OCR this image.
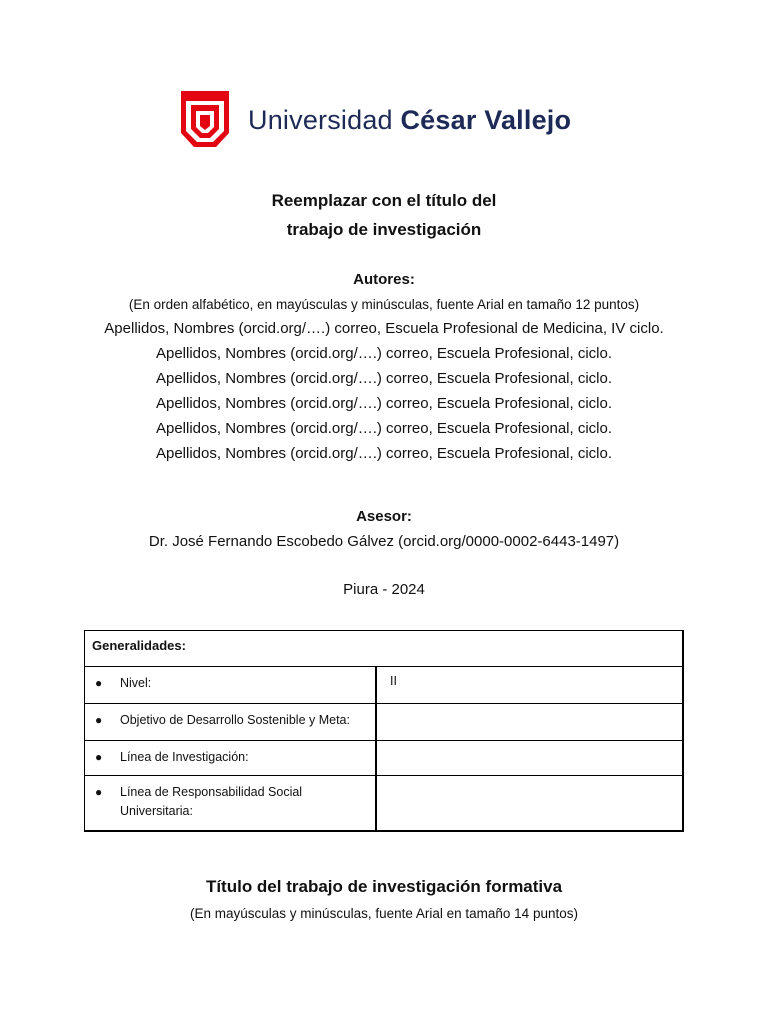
Universidad César Vallejo
Reemplazar con el título del
trabajo de investigación
Autores:
(En orden alfabético, en mayúsculas y minúsculas, fuente Arial en tamaño 12 puntos)
Apellidos, Nombres (orcid.org/….) correo, Escuela Profesional de Medicina, IV ciclo.
Apellidos, Nombres (orcid.org/….) correo, Escuela Profesional, ciclo.
Apellidos, Nombres (orcid.org/….) correo, Escuela Profesional, ciclo.
Apellidos, Nombres (orcid.org/….) correo, Escuela Profesional, ciclo.
Apellidos, Nombres (orcid.org/….) correo, Escuela Profesional, ciclo.
Apellidos, Nombres (orcid.org/….) correo, Escuela Profesional, ciclo.
Asesor:
Dr. José Fernando Escobedo Gálvez (orcid.org/0000-0002-6443-1497)
Piura - 2024
Generalidades:
●	Nivel:	II
●	Objetivo de Desarrollo Sostenible y Meta:
●	Línea de Investigación:
●	Línea de Responsabilidad Social Universitaria:
Título del trabajo de investigación formativa
(En mayúsculas y minúsculas, fuente Arial en tamaño 14 puntos)
